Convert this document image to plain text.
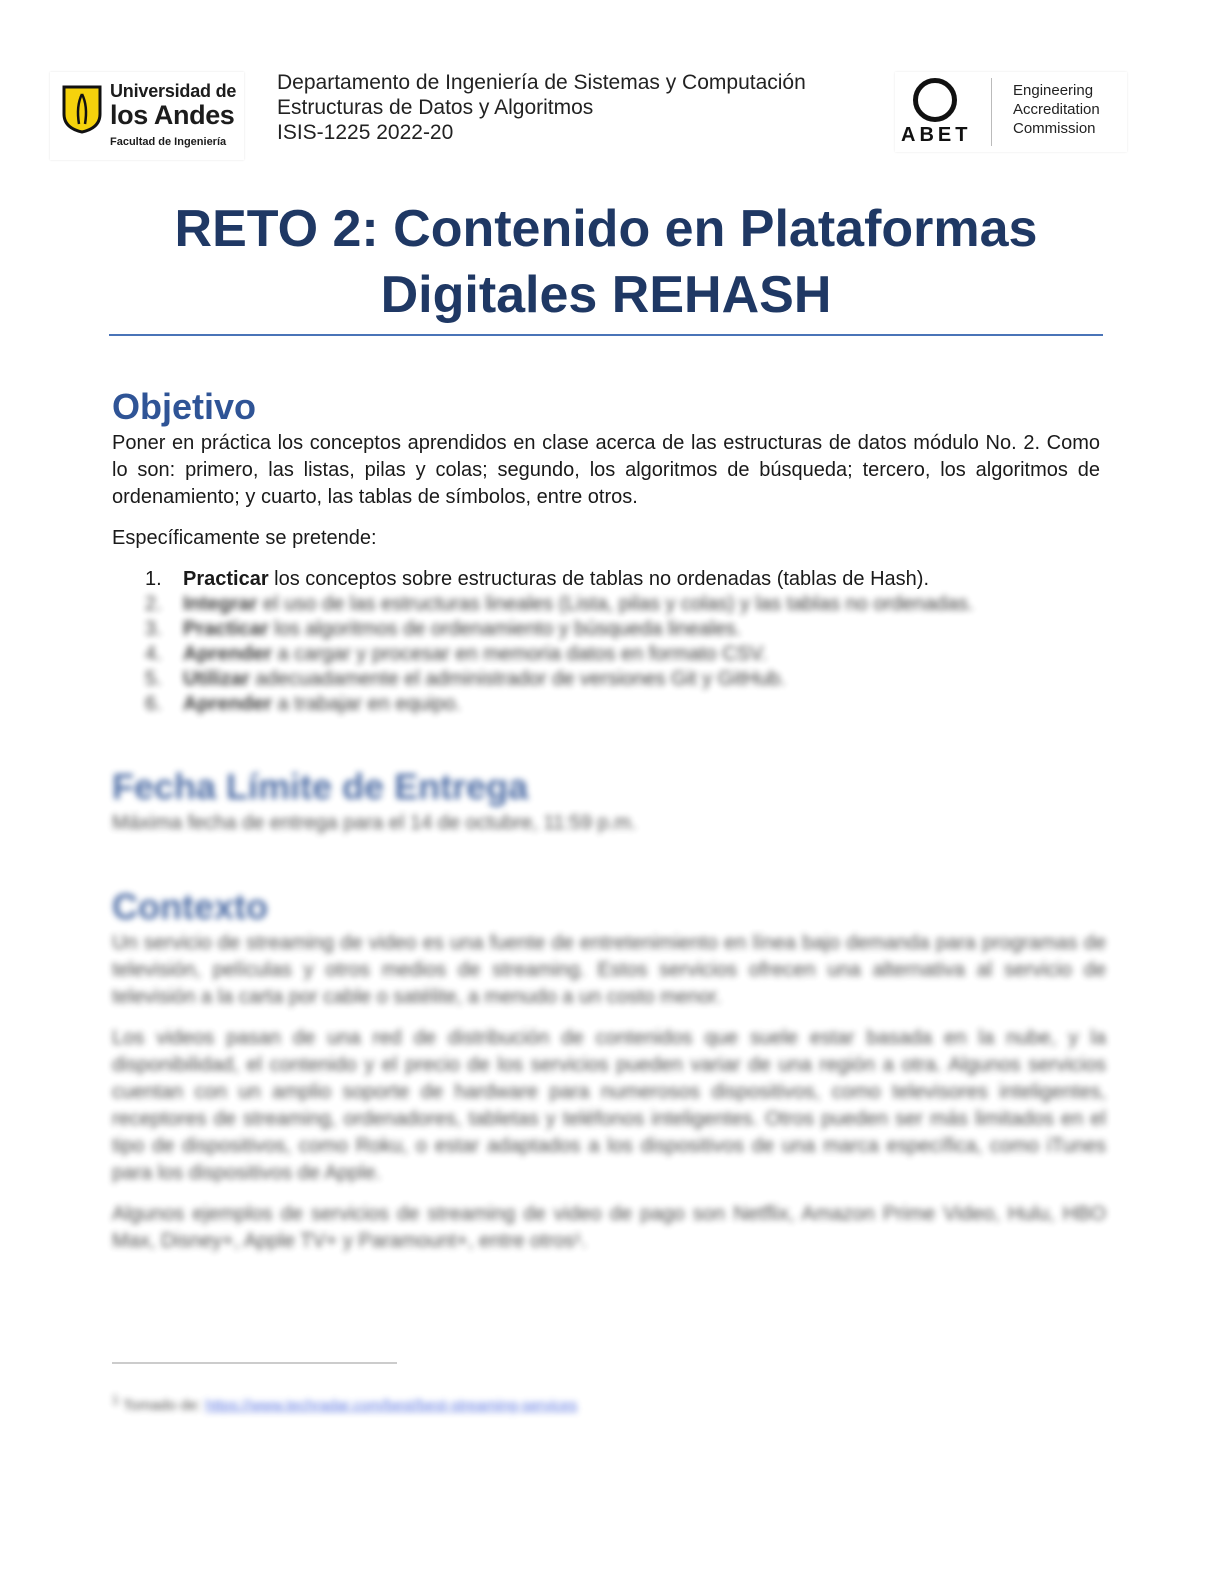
Universidad de
los Andes
Facultad de Ingeniería
Departamento de Ingeniería de Sistemas y Computación
Estructuras de Datos y Algoritmos
ISIS-1225 2022-20	ABET
Engineering
Accreditation
Commission
RETO 2: Contenido en Plataformas
Digitales REHASH
Objetivo
Poner en práctica los conceptos aprendidos en clase acerca de las estructuras de datos módulo No. 2. Como lo son: primero, las listas, pilas y colas; segundo, los algoritmos de búsqueda; tercero, los algoritmos de ordenamiento; y cuarto, las tablas de símbolos, entre otros.
Específicamente se pretende:
1. Practicar los conceptos sobre estructuras de tablas no ordenadas (tablas de Hash).
2. Integrar el uso de las estructuras lineales (Lista, pilas y colas) y las tablas no ordenadas.
3. Practicar los algoritmos de ordenamiento y búsqueda lineales.
4. Aprender a cargar y procesar en memoria datos en formato CSV.
5. Utilizar adecuadamente el administrador de versiones Git y GitHub.
6. Aprender a trabajar en equipo.
Fecha Límite de Entrega
Máxima fecha de entrega para el 14 de octubre, 11:59 p.m.
Contexto
Un servicio de streaming de video es una fuente de entretenimiento en línea bajo demanda para programas de televisión, películas y otros medios de streaming. Estos servicios ofrecen una alternativa al servicio de televisión a la carta por cable o satélite, a menudo a un costo menor.
Los videos pasan de una red de distribución de contenidos que suele estar basada en la nube, y la disponibilidad, el contenido y el precio de los servicios pueden variar de una región a otra. Algunos servicios cuentan con un amplio soporte de hardware para numerosos dispositivos, como televisores inteligentes, receptores de streaming, ordenadores, tabletas y teléfonos inteligentes. Otros pueden ser más limitados en el tipo de dispositivos, como Roku, o estar adaptados a los dispositivos de una marca específica, como iTunes para los dispositivos de Apple.
Algunos ejemplos de servicios de streaming de video de pago son Netflix, Amazon Prime Video, Hulu, HBO Max, Disney+, Apple TV+ y Paramount+, entre otros¹.
$^1$ Tomado de: https://www.techradar.com/best/best-streaming-services
